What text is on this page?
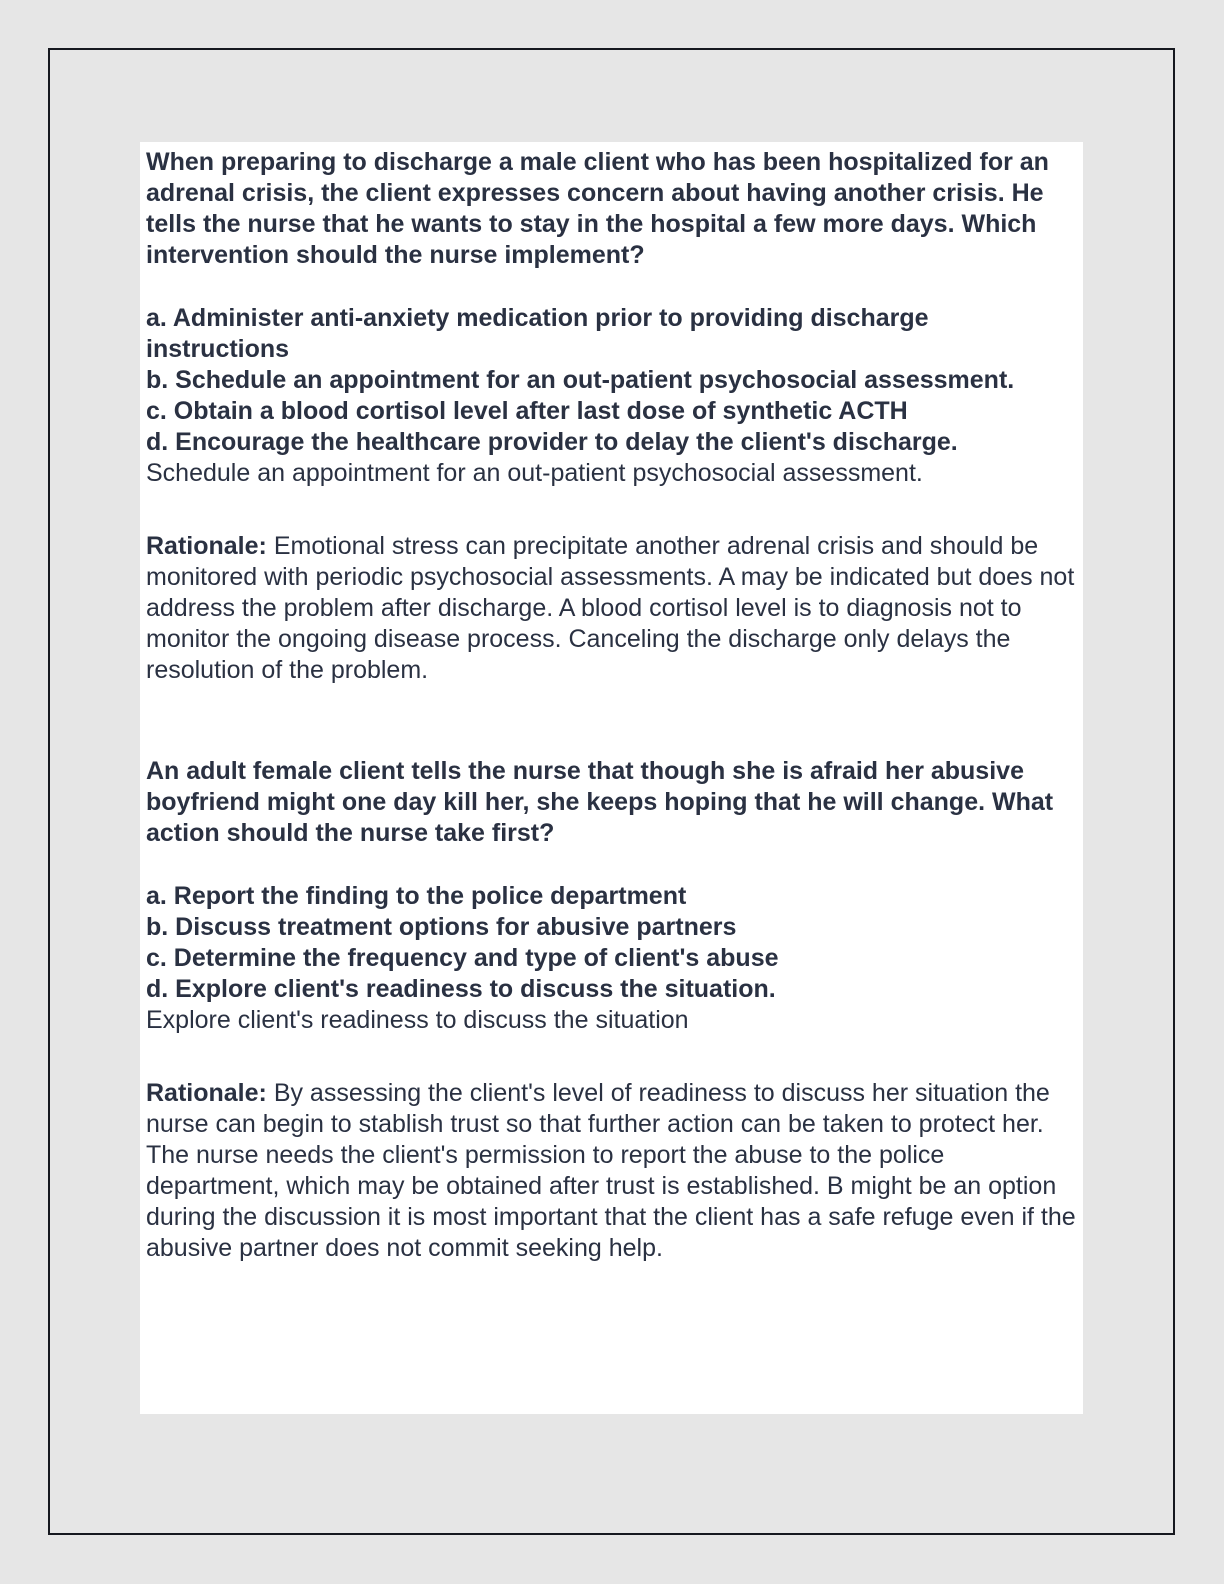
When preparing to discharge a male client who has been hospitalized for an adrenal crisis, the client expresses concern about having another crisis. He tells the nurse that he wants to stay in the hospital a few more days. Which intervention should the nurse implement?

a. Administer anti-anxiety medication prior to providing discharge instructions

b. Schedule an appointment for an out-patient psychosocial assessment.

c. Obtain a blood cortisol level after last dose of synthetic ACTH

d. Encourage the healthcare provider to delay the client's discharge.

Schedule an appointment for an out-patient psychosocial assessment.

Rationale: Emotional stress can precipitate another adrenal crisis and should be monitored with periodic psychosocial assessments. A may be indicated but does not address the problem after discharge. A blood cortisol level is to diagnosis not to monitor the ongoing disease process. Canceling the discharge only delays the resolution of the problem.

An adult female client tells the nurse that though she is afraid her abusive boyfriend might one day kill her, she keeps hoping that he will change. What action should the nurse take first?

a. Report the finding to the police department

b. Discuss treatment options for abusive partners

c. Determine the frequency and type of client's abuse

d. Explore client's readiness to discuss the situation.

Explore client's readiness to discuss the situation

Rationale: By assessing the client's level of readiness to discuss her situation the nurse can begin to stablish trust so that further action can be taken to protect her. The nurse needs the client's permission to report the abuse to the police department, which may be obtained after trust is established. B might be an option during the discussion it is most important that the client has a safe refuge even if the abusive partner does not commit seeking help.
